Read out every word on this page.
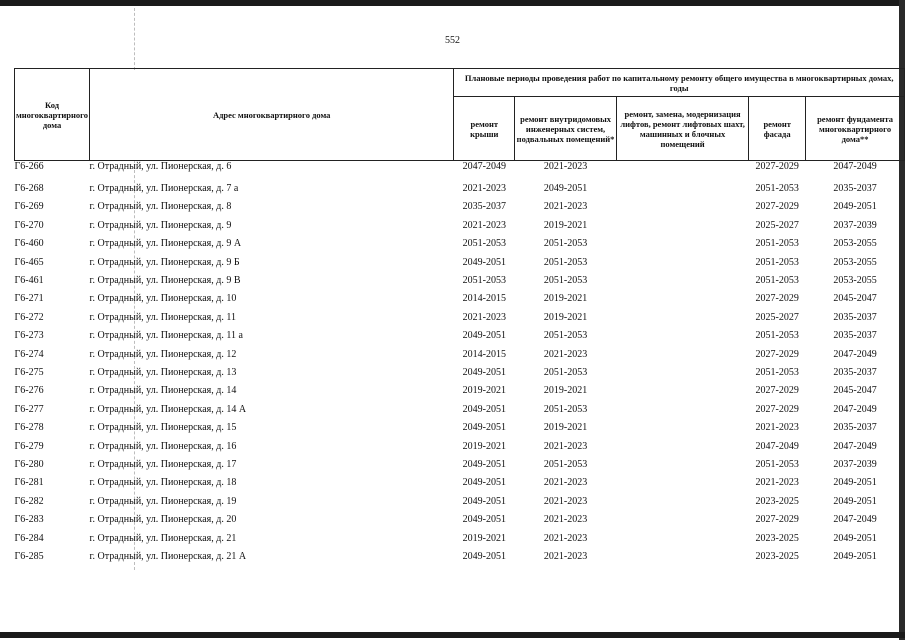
552
Код многоквартирного дома	Адрес многоквартирного дома	Плановые периоды проведения работ по капитальному ремонту общего имущества в многоквартирных домах, годы				
		ремонт крыши	ремонт внутридомовых инженерных систем, подвальных помещений*	ремонт, замена, модернизация лифтов, ремонт лифтовых шахт, машинных и блочных помещений	ремонт фасада	ремонт фундамента многоквартирного дома**
Г6-266	г. Отрадный, ул. Пионерская, д. 6	2047-2049	2021-2023		2027-2029	2047-2049
Г6-268	г. Отрадный, ул. Пионерская, д. 7 а	2021-2023	2049-2051		2051-2053	2035-2037
Г6-269	г. Отрадный, ул. Пионерская, д. 8	2035-2037	2021-2023		2027-2029	2049-2051
Г6-270	г. Отрадный, ул. Пионерская, д. 9	2021-2023	2019-2021		2025-2027	2037-2039
Г6-460	г. Отрадный, ул. Пионерская, д. 9 А	2051-2053	2051-2053		2051-2053	2053-2055
Г6-465	г. Отрадный, ул. Пионерская, д. 9 Б	2049-2051	2051-2053		2051-2053	2053-2055
Г6-461	г. Отрадный, ул. Пионерская, д. 9 В	2051-2053	2051-2053		2051-2053	2053-2055
Г6-271	г. Отрадный, ул. Пионерская, д. 10	2014-2015	2019-2021		2027-2029	2045-2047
Г6-272	г. Отрадный, ул. Пионерская, д. 11	2021-2023	2019-2021		2025-2027	2035-2037
Г6-273	г. Отрадный, ул. Пионерская, д. 11 а	2049-2051	2051-2053		2051-2053	2035-2037
Г6-274	г. Отрадный, ул. Пионерская, д. 12	2014-2015	2021-2023		2027-2029	2047-2049
Г6-275	г. Отрадный, ул. Пионерская, д. 13	2049-2051	2051-2053		2051-2053	2035-2037
Г6-276	г. Отрадный, ул. Пионерская, д. 14	2019-2021	2019-2021		2027-2029	2045-2047
Г6-277	г. Отрадный, ул. Пионерская, д. 14 А	2049-2051	2051-2053		2027-2029	2047-2049
Г6-278	г. Отрадный, ул. Пионерская, д. 15	2049-2051	2019-2021		2021-2023	2035-2037
Г6-279	г. Отрадный, ул. Пионерская, д. 16	2019-2021	2021-2023		2047-2049	2047-2049
Г6-280	г. Отрадный, ул. Пионерская, д. 17	2049-2051	2051-2053		2051-2053	2037-2039
Г6-281	г. Отрадный, ул. Пионерская, д. 18	2049-2051	2021-2023		2021-2023	2049-2051
Г6-282	г. Отрадный, ул. Пионерская, д. 19	2049-2051	2021-2023		2023-2025	2049-2051
Г6-283	г. Отрадный, ул. Пионерская, д. 20	2049-2051	2021-2023		2027-2029	2047-2049
Г6-284	г. Отрадный, ул. Пионерская, д. 21	2019-2021	2021-2023		2023-2025	2049-2051
Г6-285	г. Отрадный, ул. Пионерская, д. 21 А	2049-2051	2021-2023		2023-2025	2049-2051
